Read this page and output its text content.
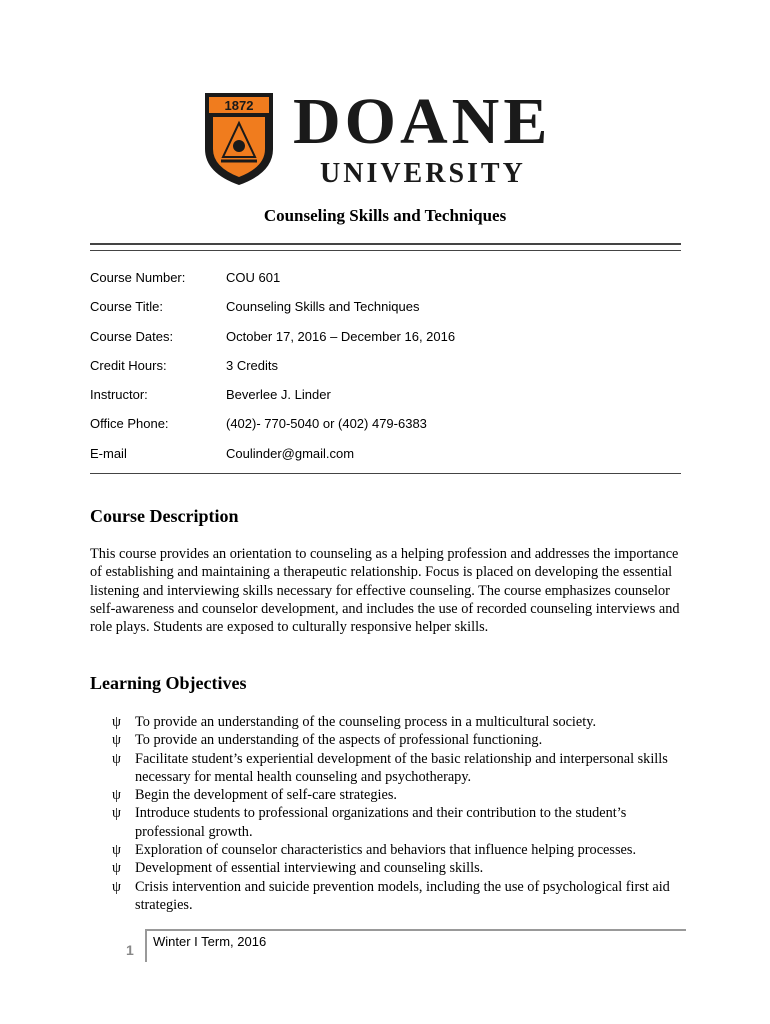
1872 DOANE
UNIVERSITY
Counseling Skills and Techniques
Course Number:	COU 601
Course Title:	Counseling Skills and Techniques
Course Dates:	October 17, 2016 – December 16, 2016
Credit Hours:	3 Credits
Instructor:	Beverlee J. Linder
Office Phone:	(402)- 770-5040 or (402) 479-6383
E-mail	Coulinder@gmail.com
Course Description

This course provides an orientation to counseling as a helping profession and addresses the importance of establishing and maintaining a therapeutic relationship. Focus is placed on developing the essential listening and interviewing skills necessary for effective counseling. The course emphasizes counselor self-awareness and counselor development, and includes the use of recorded counseling interviews and role plays. Students are exposed to culturally responsive helper skills.

Learning Objectives
ψ To provide an understanding of the counseling process in a multicultural society.
ψ To provide an understanding of the aspects of professional functioning.
ψ Facilitate student’s experiential development of the basic relationship and interpersonal skills necessary for mental health counseling and psychotherapy.
ψ Begin the development of self-care strategies.
ψ Introduce students to professional organizations and their contribution to the student’s professional growth.
ψ Exploration of counselor characteristics and behaviors that influence helping processes.
ψ Development of essential interviewing and counseling skills.
ψ Crisis intervention and suicide prevention models, including the use of psychological first aid strategies.
1
Winter I Term, 2016
